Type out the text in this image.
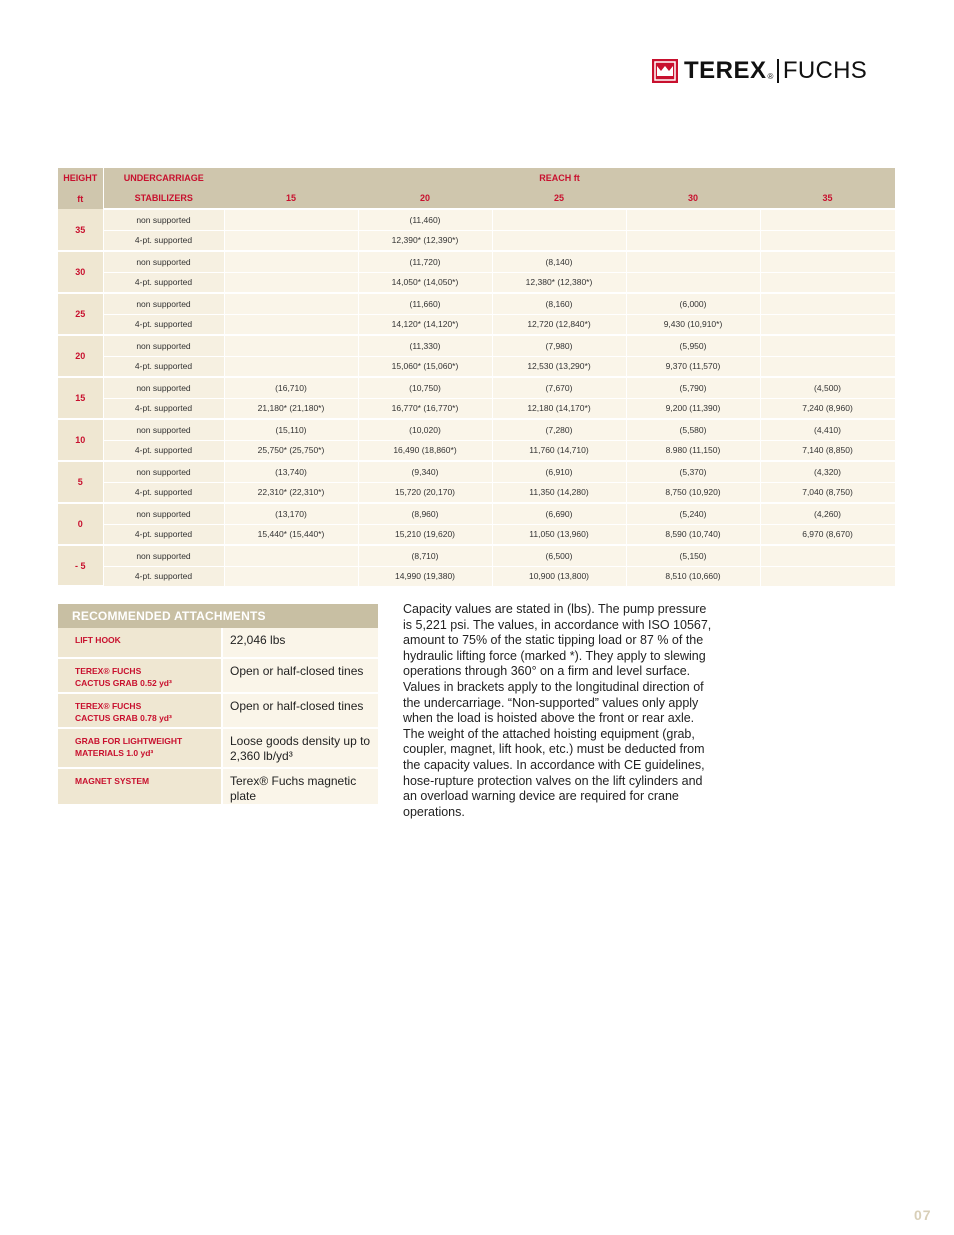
TEREX ® FUCHS
HEIGHT	UNDERCARRIAGE	REACH ft				
ft	STABILIZERS	15	20	25	30	35
35	non supported		(11,460)			
	4-pt. supported		12,390* (12,390*)			
30	non supported		(11,720)	(8,140)		
	4-pt. supported		14,050* (14,050*)	12,380* (12,380*)		
25	non supported		(11,660)	(8,160)	(6,000)	
	4-pt. supported		14,120* (14,120*)	12,720 (12,840*)	9,430 (10,910*)	
20	non supported		(11,330)	(7,980)	(5,950)	
	4-pt. supported		15,060* (15,060*)	12,530 (13,290*)	9,370 (11,570)	
15	non supported	(16,710)	(10,750)	(7,670)	(5,790)	(4,500)
	4-pt. supported	21,180* (21,180*)	16,770* (16,770*)	12,180 (14,170*)	9,200 (11,390)	7,240 (8,960)
10	non supported	(15,110)	(10,020)	(7,280)	(5,580)	(4,410)
	4-pt. supported	25,750* (25,750*)	16,490 (18,860*)	11,760 (14,710)	8.980 (11,150)	7,140 (8,850)
5	non supported	(13,740)	(9,340)	(6,910)	(5,370)	(4,320)
	4-pt. supported	22,310* (22,310*)	15,720 (20,170)	11,350 (14,280)	8,750 (10,920)	7,040 (8,750)
0	non supported	(13,170)	(8,960)	(6,690)	(5,240)	(4,260)
	4-pt. supported	15,440* (15,440*)	15,210 (19,620)	11,050 (13,960)	8,590 (10,740)	6,970 (8,670)
- 5	non supported		(8,710)	(6,500)	(5,150)	
	4-pt. supported		14,990 (19,380)	10,900 (13,800)	8,510 (10,660)	
RECOMMENDED ATTACHMENTS	
LIFT HOOK	22,046 lbs
TEREX® FUCHS
CACTUS GRAB 0.52 yd³	Open or half-closed tines
TEREX® FUCHS
CACTUS GRAB 0.78 yd³	Open or half-closed tines
GRAB FOR LIGHTWEIGHT
MATERIALS 1.0 yd³	Loose goods density up to
2,360 lb/yd³
MAGNET SYSTEM	Terex® Fuchs magnetic plate

Capacity values are stated in (lbs). The pump pressure is 5,221 psi. The values, in accordance with ISO 10567, amount to 75% of the static tipping load or 87 % of the hydraulic lifting force (marked *). They apply to slewing operations through 360° on a firm and level surface. Values in brackets apply to the longitudinal direction of the undercarriage. “Non-supported” values only apply when the load is hoisted above the front or rear axle. The weight of the attached hoisting equipment (grab, coupler, magnet, lift hook, etc.) must be deducted from the capacity values. In accordance with CE guidelines, hose-rupture protection valves on the lift cylinders and an overload warning device are required for crane operations.

07
